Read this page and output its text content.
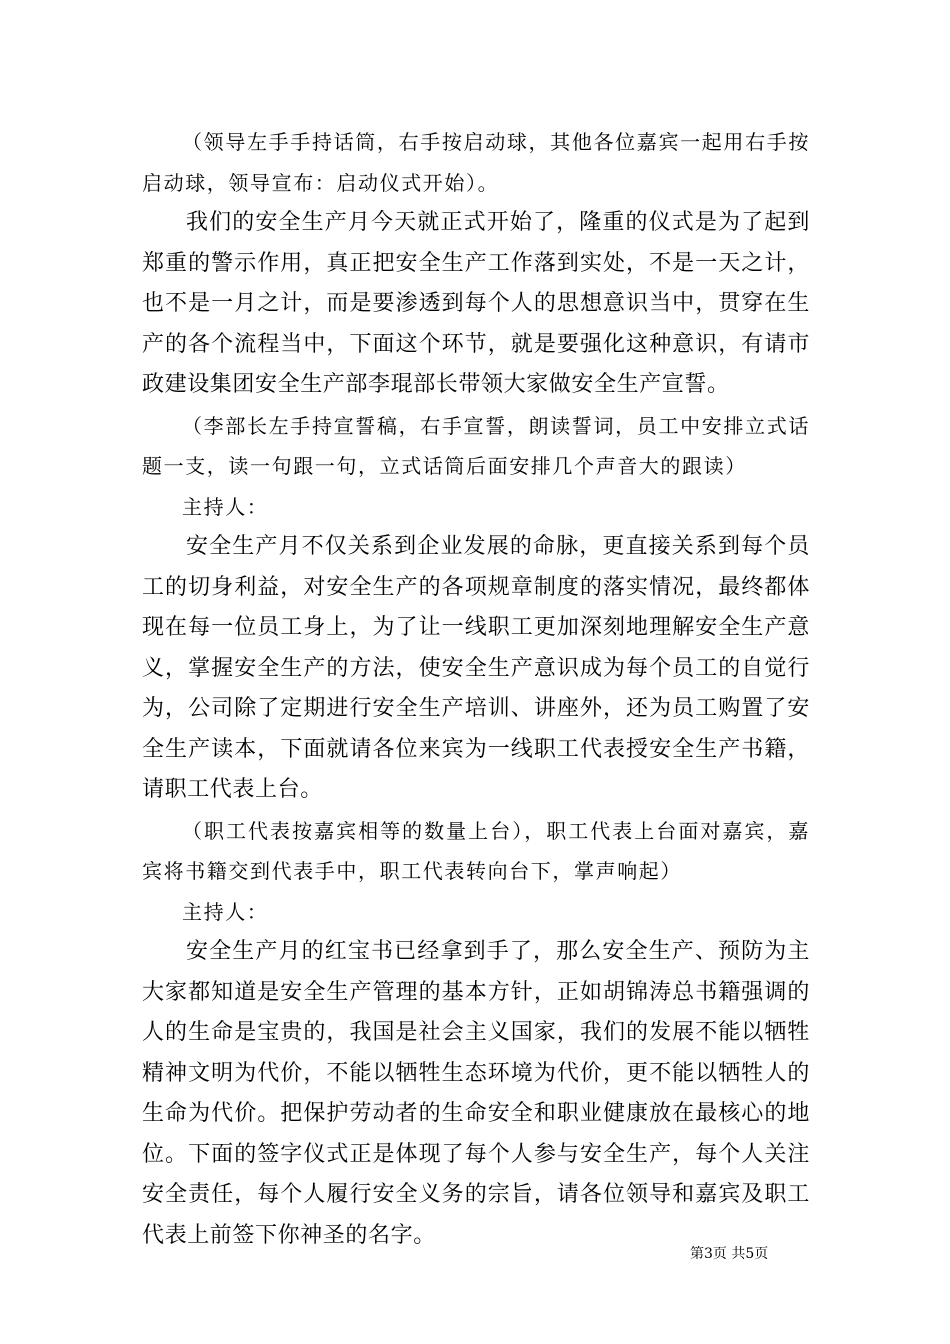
（领导左手手持话筒，右手按启动球，其他各位嘉宾一起用右手按启动球，领导宣布：启动仪式开始）。

我们的安全生产月今天就正式开始了，隆重的仪式是为了起到郑重的警示作用，真正把安全生产工作落到实处，不是一天之计，也不是一月之计，而是要渗透到每个人的思想意识当中，贯穿在生产的各个流程当中，下面这个环节，就是要强化这种意识，有请市政建设集团安全生产部李琨部长带领大家做安全生产宣誓。

（李部长左手持宣誓稿，右手宣誓，朗读誓词，员工中安排立式话题一支，读一句跟一句，立式话筒后面安排几个声音大的跟读）

主持人：

安全生产月不仅关系到企业发展的命脉，更直接关系到每个员工的切身利益，对安全生产的各项规章制度的落实情况，最终都体现在每一位员工身上，为了让一线职工更加深刻地理解安全生产意义，掌握安全生产的方法，使安全生产意识成为每个员工的自觉行为，公司除了定期进行安全生产培训、讲座外，还为员工购置了安全生产读本，下面就请各位来宾为一线职工代表授安全生产书籍，请职工代表上台。

（职工代表按嘉宾相等的数量上台），职工代表上台面对嘉宾，嘉宾将书籍交到代表手中，职工代表转向台下，掌声响起）

主持人：

安全生产月的红宝书已经拿到手了，那么安全生产、预防为主大家都知道是安全生产管理的基本方针，正如胡锦涛总书籍强调的人的生命是宝贵的，我国是社会主义国家，我们的发展不能以牺牲精神文明为代价，不能以牺牲生态环境为代价，更不能以牺牲人的生命为代价。把保护劳动者的生命安全和职业健康放在最核心的地位。下面的签字仪式正是体现了每个人参与安全生产，每个人关注安全责任，每个人履行安全义务的宗旨，请各位领导和嘉宾及职工代表上前签下你神圣的名字。

第3页 共5页
